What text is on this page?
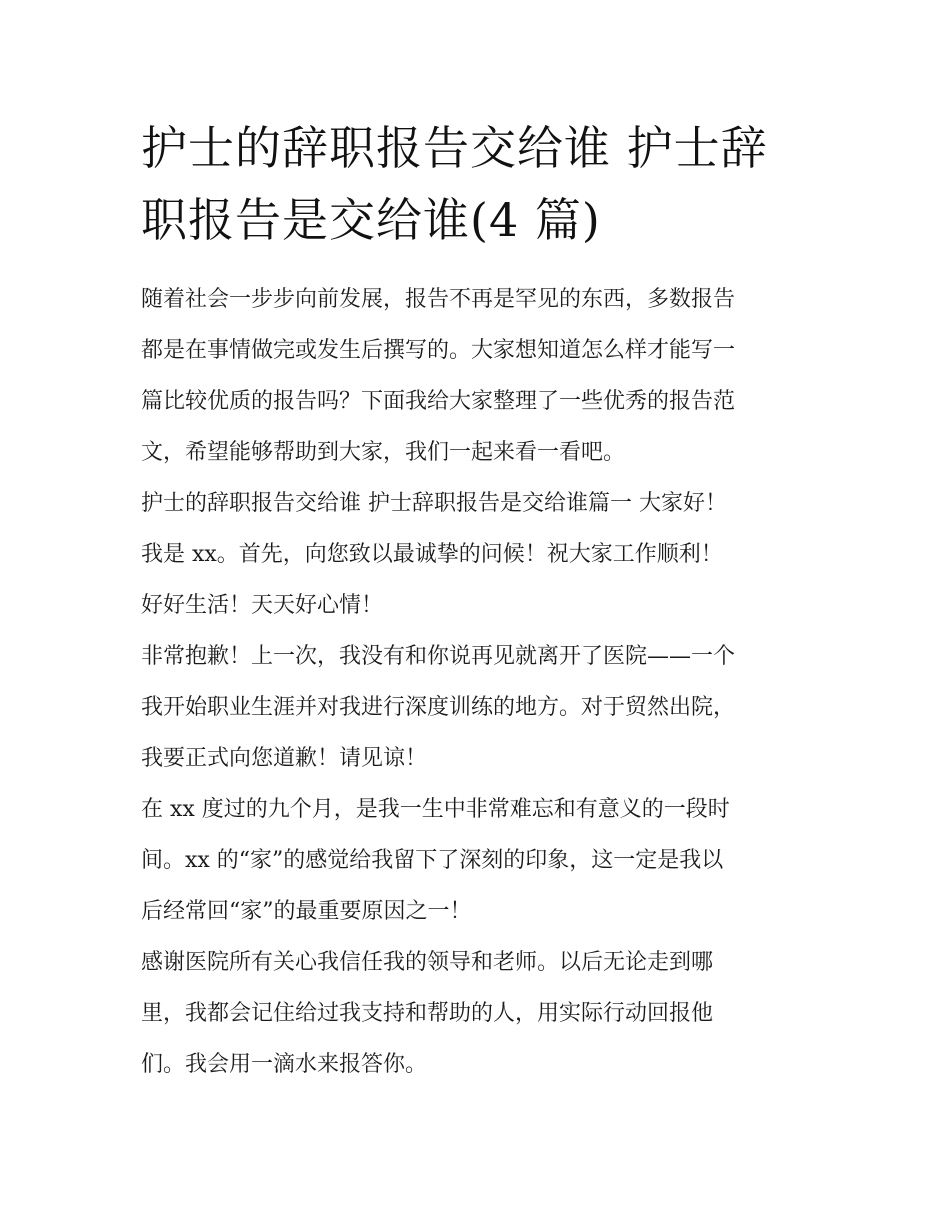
护士的辞职报告交给谁 护士辞
职报告是交给谁(4 篇)

随着社会一步步向前发展，报告不再是罕见的东西，多数报告
都是在事情做完或发生后撰写的。大家想知道怎么样才能写一
篇比较优质的报告吗？下面我给大家整理了一些优秀的报告范
文，希望能够帮助到大家，我们一起来看一看吧。

护士的辞职报告交给谁 护士辞职报告是交给谁篇一 大家好！
我是 xx。首先，向您致以最诚挚的问候！祝大家工作顺利！
好好生活！天天好心情！

非常抱歉！上一次，我没有和你说再见就离开了医院——一个
我开始职业生涯并对我进行深度训练的地方。对于贸然出院，
我要正式向您道歉！请见谅！

在 xx 度过的九个月，是我一生中非常难忘和有意义的一段时
间。xx 的“家”的感觉给我留下了深刻的印象，这一定是我以
后经常回“家”的最重要原因之一！

感谢医院所有关心我信任我的领导和老师。以后无论走到哪
里，我都会记住给过我支持和帮助的人，用实际行动回报他
们。我会用一滴水来报答你。
